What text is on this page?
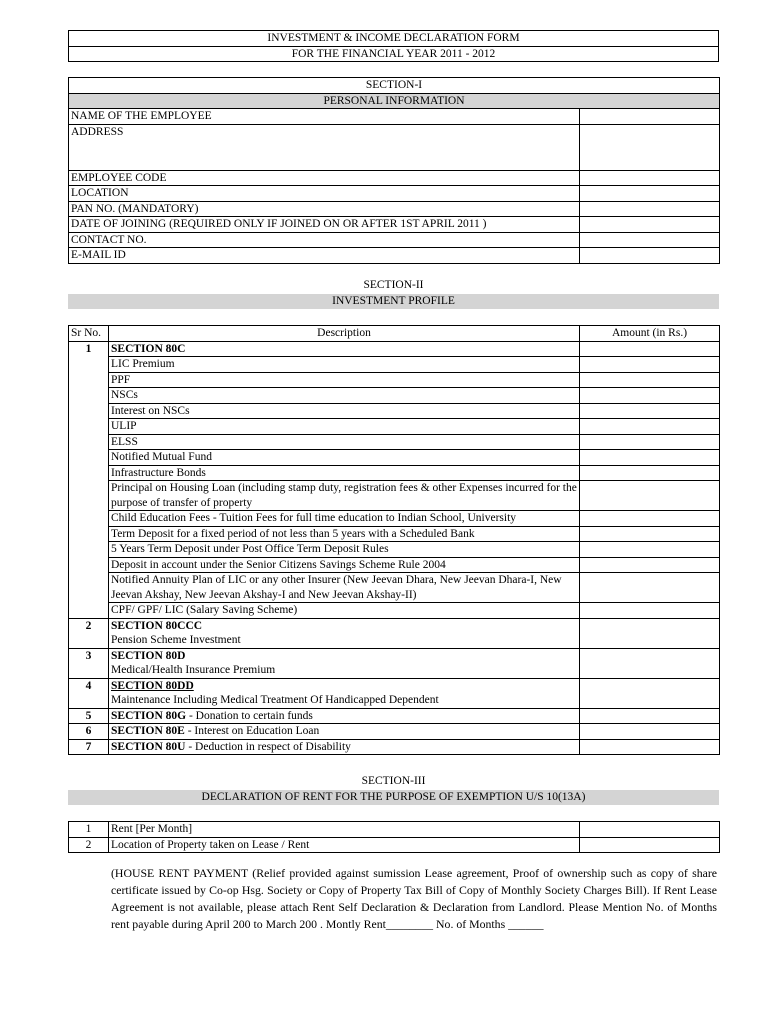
INVESTMENT & INCOME DECLARATION FORM
FOR THE FINANCIAL YEAR 2011 - 2012
SECTION-I	
PERSONAL INFORMATION	
NAME OF THE EMPLOYEE	
ADDRESS	
EMPLOYEE CODE	
LOCATION	
PAN NO. (MANDATORY)	
DATE OF JOINING (REQUIRED ONLY IF JOINED ON OR AFTER 1ST APRIL 2011 )	
CONTACT NO.	
E-MAIL ID	
SECTION-II
INVESTMENT PROFILE
Sr No.	Description	Amount (in Rs.)
1	SECTION 80C	
	LIC Premium	
	PPF	
	NSCs	
	Interest on NSCs	
	ULIP	
	ELSS	
	Notified Mutual Fund	
	Infrastructure Bonds	
	Principal on Housing Loan (including stamp duty, registration fees & other Expenses incurred for the purpose of transfer of property	
	Child Education Fees - Tuition Fees for full time education to Indian School, University	
	Term Deposit for a fixed period of not less than 5 years with a Scheduled Bank	
	5 Years Term Deposit under Post Office Term Deposit Rules	
	Deposit in account under the Senior Citizens Savings Scheme Rule 2004	
	Notified Annuity Plan of LIC or any other Insurer (New Jeevan Dhara, New Jeevan Dhara-I, New Jeevan Akshay, New Jeevan Akshay-I and New Jeevan Akshay-II)	
	CPF/ GPF/ LIC (Salary Saving Scheme)	
2	SECTION 80CCC
Pension Scheme Investment	
3	SECTION 80D
Medical/Health Insurance Premium	
4	SECTION 80DD
Maintenance Including Medical Treatment Of Handicapped Dependent	
5	SECTION 80G - Donation to certain funds	
6	SECTION 80E - Interest on Education Loan	
7	SECTION 80U - Deduction in respect of Disability	
SECTION-III
DECLARATION OF RENT FOR THE PURPOSE OF EXEMPTION U/S 10(13A)
1	Rent [Per Month]	
2	Location of Property taken on Lease / Rent	
(HOUSE RENT PAYMENT (Relief provided against sumission Lease agreement, Proof of ownership such as copy of share certificate issued by Co-op Hsg. Society or Copy of Property Tax Bill of Copy of Monthly Society Charges Bill). If Rent Lease Agreement is not available, please attach Rent Self Declaration & Declaration from Landlord. Please Mention No. of Months rent payable during April 200 to March 200 . Montly Rent________ No. of Months ______
